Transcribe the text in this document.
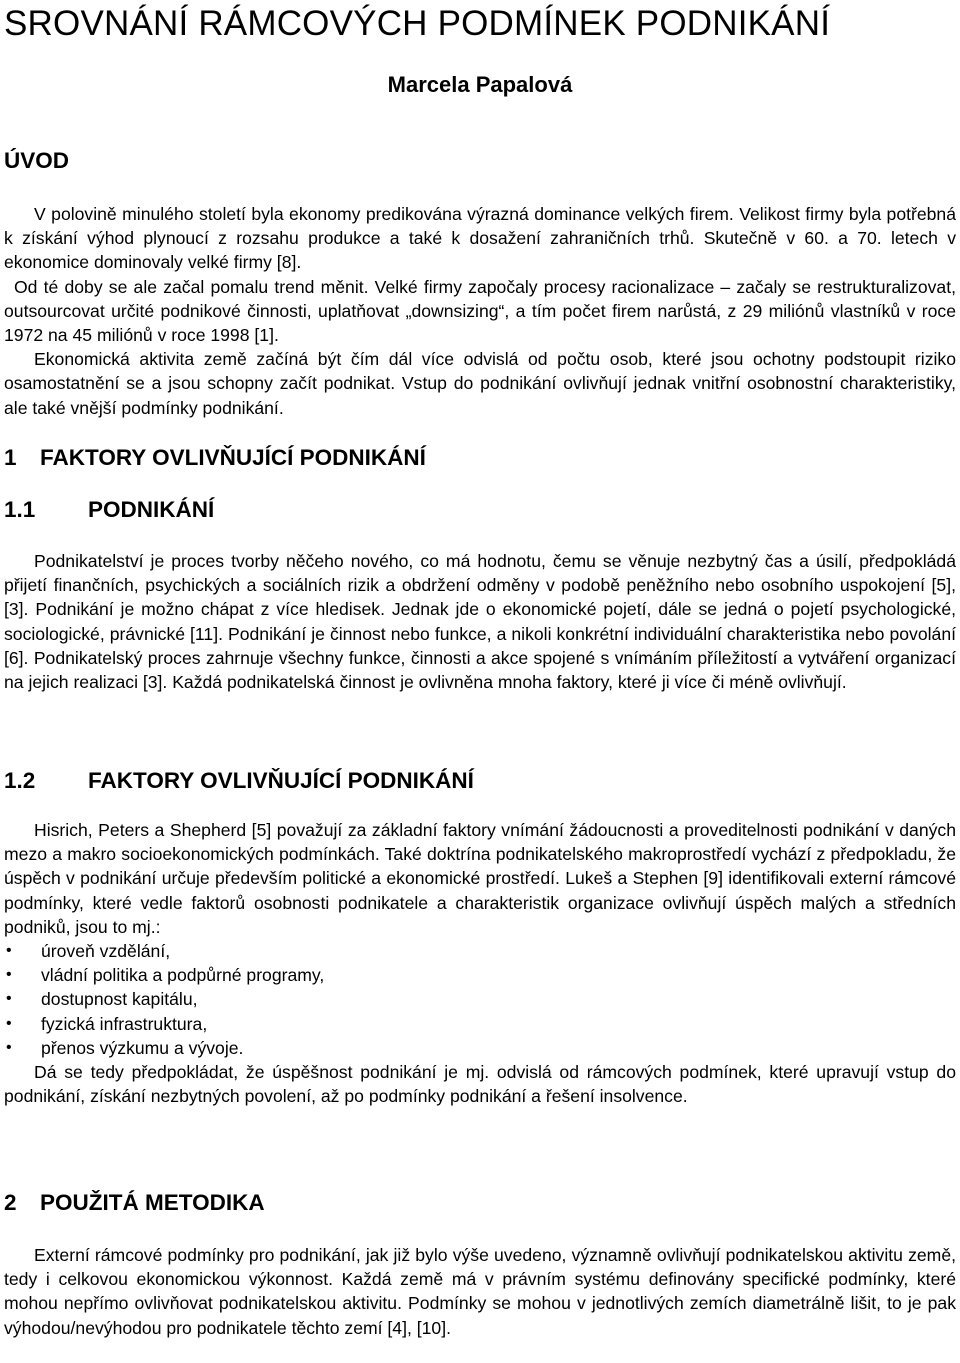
SROVNÁNÍ RÁMCOVÝCH PODMÍNEK PODNIKÁNÍ
Marcela Papalová
ÚVOD

V polovině minulého století byla ekonomy predikována výrazná dominance velkých firem. Velikost firmy byla potřebná k získání výhod plynoucí z rozsahu produkce a také k dosažení zahraničních trhů. Skutečně v 60. a 70. letech v ekonomice dominovaly velké firmy [8].

Od té doby se ale začal pomalu trend měnit. Velké firmy započaly procesy racionalizace – začaly se restrukturalizovat, outsourcovat určité podnikové činnosti, uplatňovat „downsizing“, a tím počet firem narůstá, z 29 miliónů vlastníků v roce 1972 na 45 miliónů v roce 1998 [1].

Ekonomická aktivita země začíná být čím dál více odvislá od počtu osob, které jsou ochotny podstoupit riziko osamostatnění se a jsou schopny začít podnikat. Vstup do podnikání ovlivňují jednak vnitřní osobnostní charakteristiky, ale také vnější podmínky podnikání.

1 FAKTORY OVLIVŇUJÍCÍ PODNIKÁNÍ
1.1 PODNIKÁNÍ

Podnikatelství je proces tvorby něčeho nového, co má hodnotu, čemu se věnuje nezbytný čas a úsilí, předpokládá přijetí finančních, psychických a sociálních rizik a obdržení odměny v podobě peněžního nebo osobního uspokojení [5], [3]. Podnikání je možno chápat z více hledisek. Jednak jde o ekonomické pojetí, dále se jedná o pojetí psychologické, sociologické, právnické [11]. Podnikání je činnost nebo funkce, a nikoli konkrétní individuální charakteristika nebo povolání [6]. Podnikatelský proces zahrnuje všechny funkce, činnosti a akce spojené s vnímáním příležitostí a vytváření organizací na jejich realizaci [3]. Každá podnikatelská činnost je ovlivněna mnoha faktory, které ji více či méně ovlivňují.

1.2 FAKTORY OVLIVŇUJÍCÍ PODNIKÁNÍ

Hisrich, Peters a Shepherd [5] považují za základní faktory vnímání žádoucnosti a proveditelnosti podnikání v daných mezo a makro socioekonomických podmínkách. Také doktrína podnikatelského makroprostředí vychází z předpokladu, že úspěch v podnikání určuje především politické a ekonomické prostředí. Lukeš a Stephen [9] identifikovali externí rámcové podmínky, které vedle faktorů osobnosti podnikatele a charakteristik organizace ovlivňují úspěch malých a středních podniků, jsou to mj.:

• úroveň vzdělání,
• vládní politika a podpůrné programy,
• dostupnost kapitálu,
• fyzická infrastruktura,
• přenos výzkumu a vývoje.

Dá se tedy předpokládat, že úspěšnost podnikání je mj. odvislá od rámcových podmínek, které upravují vstup do podnikání, získání nezbytných povolení, až po podmínky podnikání a řešení insolvence.

2 POUŽITÁ METODIKA

Externí rámcové podmínky pro podnikání, jak již bylo výše uvedeno, významně ovlivňují podnikatelskou aktivitu země, tedy i celkovou ekonomickou výkonnost. Každá země má v právním systému definovány specifické podmínky, které mohou nepřímo ovlivňovat podnikatelskou aktivitu. Podmínky se mohou v jednotlivých zemích diametrálně lišit, to je pak výhodou/nevýhodou pro podnikatele těchto zemí [4], [10].
